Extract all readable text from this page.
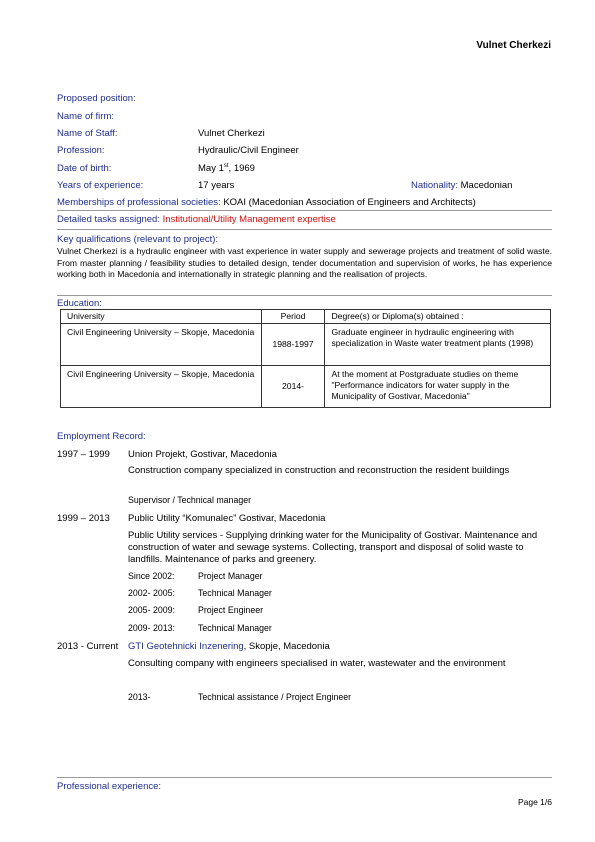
Vulnet Cherkezi
Proposed position:
Name of firm:
Name of Staff:	Vulnet Cherkezi
Profession:	Hydraulic/Civil Engineer
Date of birth:	May 1st, 1969
Years of experience:	17 years	Nationality: Macedonian
Memberships of professional societies: KOAI (Macedonian Association of Engineers and Architects)
Detailed tasks assigned: Institutional/Utility Management expertise
Key qualifications (relevant to project):
Vulnet Cherkezi is a hydraulic engineer with vast experience in water supply and sewerage projects and treatment of solid waste. From master planning / feasibility studies to detailed design, tender documentation and supervision of works, he has experience working both in Macedonia and internationally in strategic planning and the realisation of projects.
Education:
University	Period	Degree(s) or Diploma(s) obtained :
Civil Engineering University – Skopje, Macedonia	1988-1997	Graduate engineer in hydraulic engineering with specialization in Waste water treatment plants (1998)
Civil Engineering University – Skopje, Macedonia	2014-	At the moment at Postgraduate studies on theme "Performance indicators for water supply in the Municipality of Gostivar, Macedonia"
Employment Record:
1997 – 1999 Union Projekt, Gostivar, Macedonia
Construction company specialized in construction and reconstruction the resident buildings
Supervisor / Technical manager
1999 – 2013 Public Utility “Komunalec” Gostivar, Macedonia
Public Utility services - Supplying drinking water for the Municipality of Gostivar. Maintenance and construction of water and sewage systems. Collecting, transport and disposal of solid waste to landfills. Maintenance of parks and greenery.
Since 2002:	Project Manager
2002- 2005:	Technical Manager
2005- 2009:	Project Engineer
2009- 2013:	Technical Manager
2013 - Current GTI Geotehnicki Inzenering, Skopje, Macedonia
Consulting company with engineers specialised in water, wastewater and the environment
2013-	Technical assistance / Project Engineer
Professional experience:
Page 1/6
